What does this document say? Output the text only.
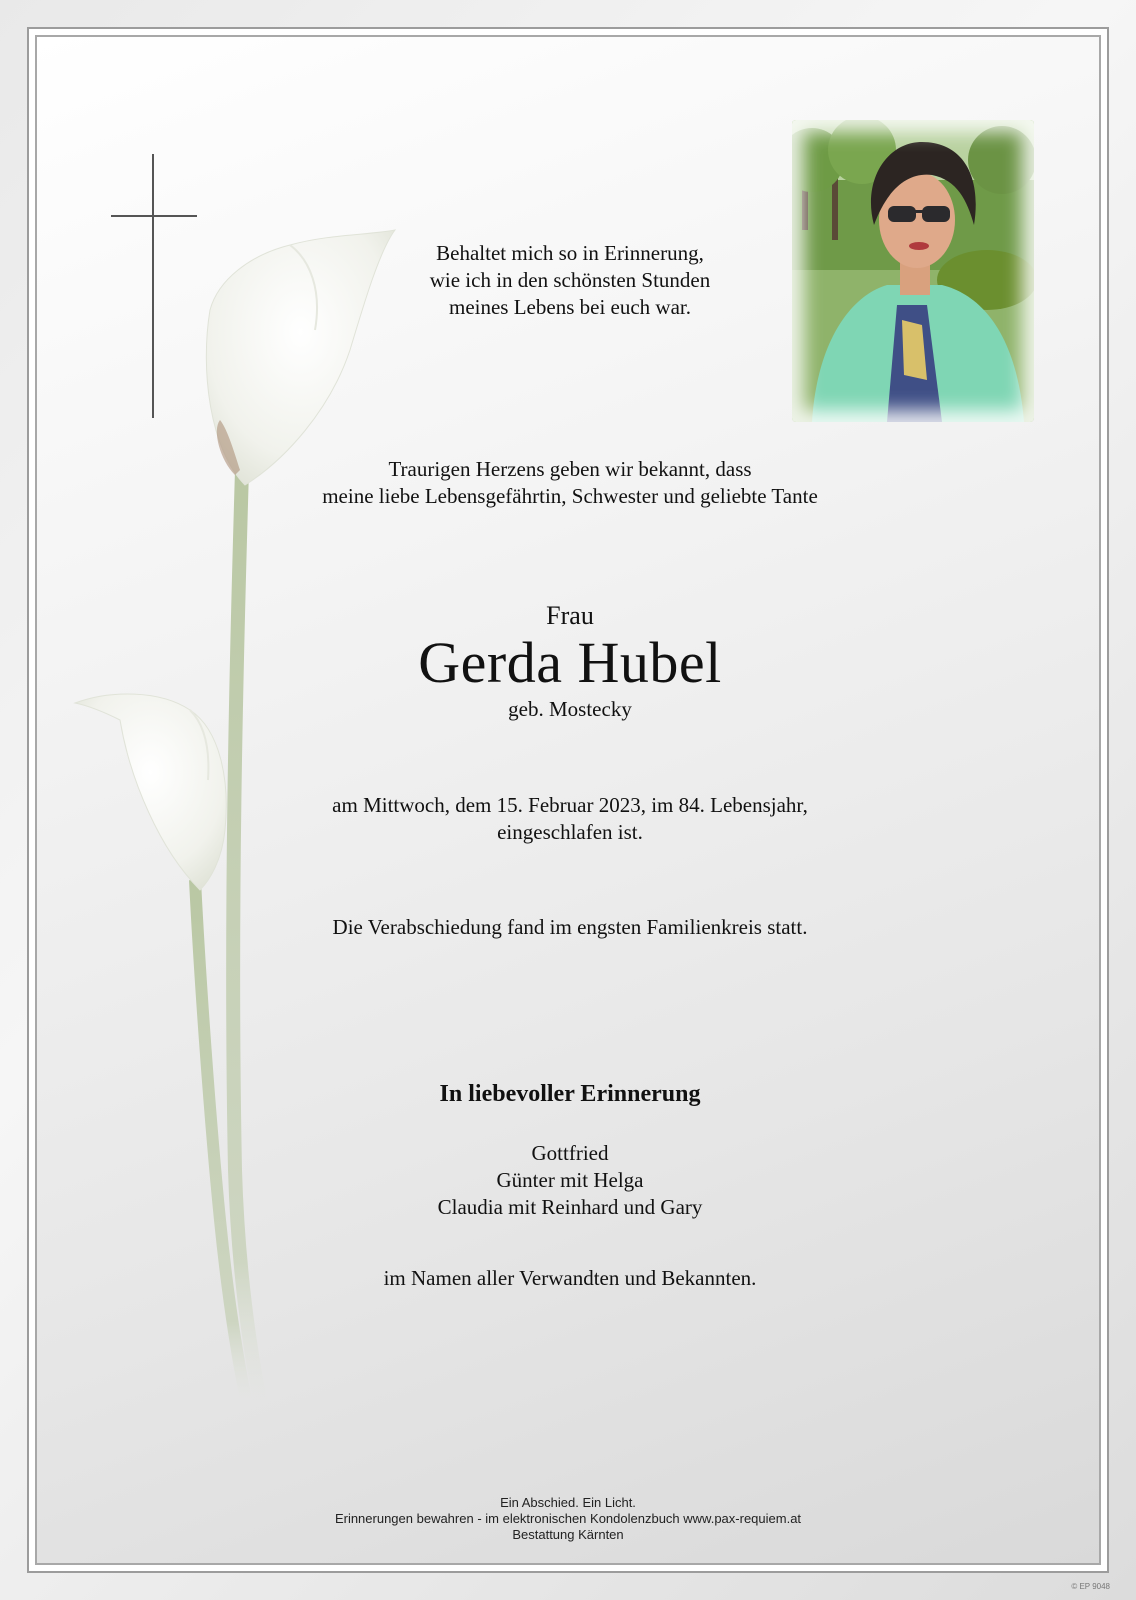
Behaltet mich so in Erinnerung,
wie ich in den schönsten Stunden
meines Lebens bei euch war.
Traurigen Herzens geben wir bekannt, dass
meine liebe Lebensgefährtin, Schwester und geliebte Tante
Frau
Gerda Hubel
geb. Mostecky
am Mittwoch, dem 15. Februar 2023, im 84. Lebensjahr,
eingeschlafen ist.
Die Verabschiedung fand im engsten Familienkreis statt.
In liebevoller Erinnerung
Gottfried
Günter mit Helga
Claudia mit Reinhard und Gary
im Namen aller Verwandten und Bekannten.
Ein Abschied. Ein Licht.
Erinnerungen bewahren - im elektronischen Kondolenzbuch www.pax-requiem.at
Bestattung Kärnten
© EP 9048
